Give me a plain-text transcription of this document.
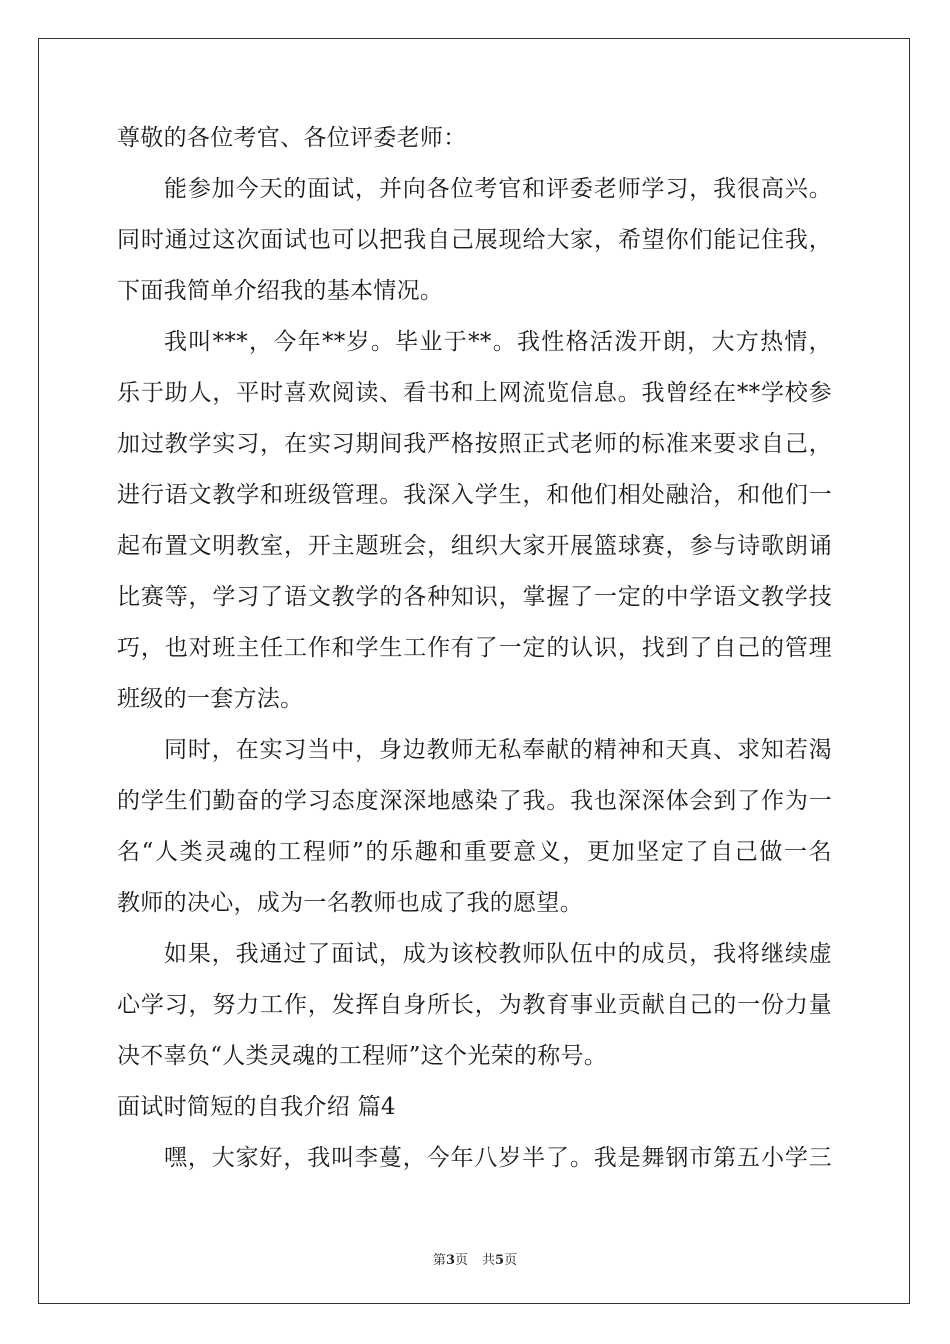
尊敬的各位考官、各位评委老师：
能参加今天的面试，并向各位考官和评委老师学习，我很高兴。
同时通过这次面试也可以把我自己展现给大家，希望你们能记住我，
下面我简单介绍我的基本情况。
我叫***，今年**岁。毕业于**。我性格活泼开朗，大方热情，
乐于助人，平时喜欢阅读、看书和上网流览信息。我曾经在**学校参
加过教学实习，在实习期间我严格按照正式老师的标准来要求自己，
进行语文教学和班级管理。我深入学生，和他们相处融洽，和他们一
起布置文明教室，开主题班会，组织大家开展篮球赛，参与诗歌朗诵
比赛等，学习了语文教学的各种知识，掌握了一定的中学语文教学技
巧，也对班主任工作和学生工作有了一定的认识，找到了自己的管理
班级的一套方法。
同时，在实习当中，身边教师无私奉献的精神和天真、求知若渴
的学生们勤奋的学习态度深深地感染了我。我也深深体会到了作为一
名“人类灵魂的工程师”的乐趣和重要意义，更加坚定了自己做一名
教师的决心，成为一名教师也成了我的愿望。
如果，我通过了面试，成为该校教师队伍中的成员，我将继续虚
心学习，努力工作，发挥自身所长，为教育事业贡献自己的一份力量
决不辜负“人类灵魂的工程师”这个光荣的称号。
面试时简短的自我介绍 篇4
嘿，大家好，我叫李蔓，今年八岁半了。我是舞钢市第五小学三
第3页 共5页
